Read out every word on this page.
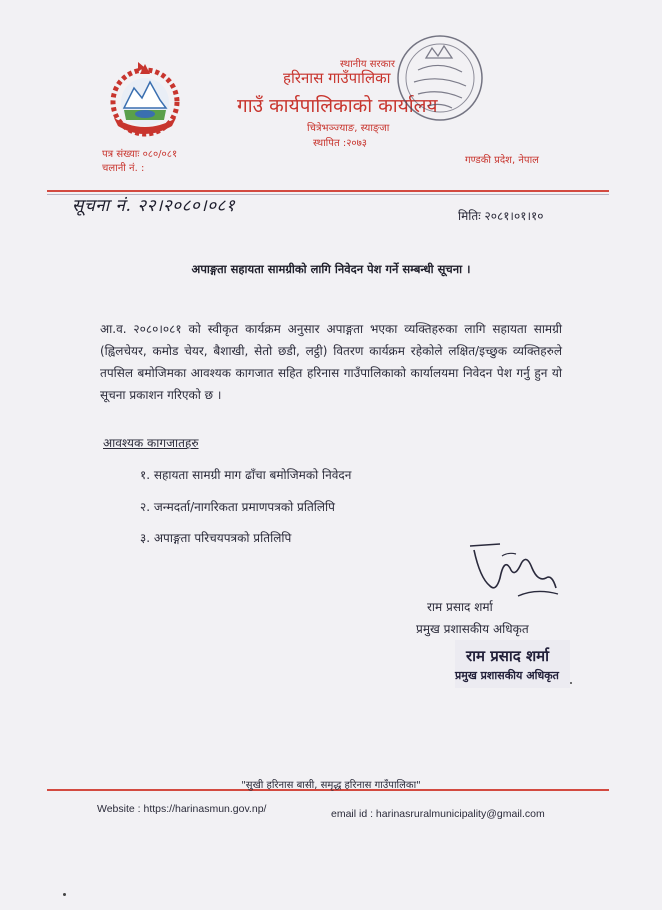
स्थानीय सरकार
हरिनास गाउँपालिका
गाउँ कार्यपालिकाको कार्यालय
चित्रेभञ्ज्याङ, स्याङ्जा
स्थापित :२०७३
पत्र संख्याः ०८०/०८१
चलानी नं. :
गण्डकी प्रदेश, नेपाल
सूचना नं. २२।२०८०।०८१	मितिः २०८१।०१।१०
अपाङ्गता सहायता सामग्रीको लागि निवेदन पेश गर्ने सम्बन्धी सूचना ।
आ.व. २०८०।०८१ को स्वीकृत कार्यक्रम अनुसार अपाङ्गता भएका व्यक्तिहरुका लागि सहायता सामग्री (ह्विलचेयर, कमोड चेयर, बैशाखी, सेतो छडी, लट्ठी) वितरण कार्यक्रम रहेकोले लक्षित/इच्छुक व्यक्तिहरुले तपसिल बमोजिमका आवश्यक कागजात सहित हरिनास गाउँपालिकाको कार्यालयमा निवेदन पेश गर्नु हुन यो सूचना प्रकाशन गरिएको छ ।
आवश्यक कागजातहरु
१. सहायता सामग्री माग ढाँचा बमोजिमको निवेदन
२. जन्मदर्ता/नागरिकता प्रमाणपत्रको प्रतिलिपि
३. अपाङ्गता परिचयपत्रको प्रतिलिपि
राम प्रसाद शर्मा
प्रमुख प्रशासकीय अधिकृत
राम प्रसाद शर्मा
प्रमुख प्रशासकीय अधिकृत
"सुखी हरिनास बासी, समृद्ध हरिनास गाउँपालिका"
Website : https://harinasmun.gov.np/	email id : harinasruralmunicipality@gmail.com
